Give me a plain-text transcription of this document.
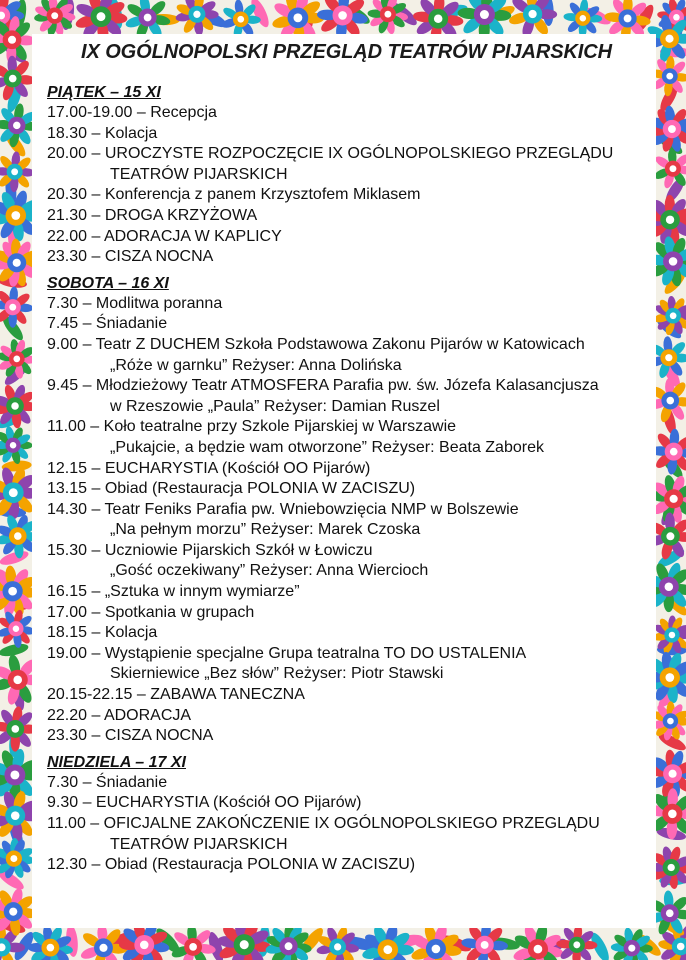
IX OGÓLNOPOLSKI PRZEGLĄD TEATRÓW PIJARSKICH
PIĄTEK – 15 XI
17.00-19.00 – Recepcja
18.30 – Kolacja
20.00 – UROCZYSTE ROZPOCZĘCIE IX OGÓLNOPOLSKIEGO PRZEGLĄDU
TEATRÓW PIJARSKICH
20.30 – Konferencja z panem Krzysztofem Miklasem
21.30 – DROGA KRZYŻOWA
22.00 – ADORACJA W KAPLICY
23.30 – CISZA NOCNA
SOBOTA – 16 XI
7.30 – Modlitwa poranna
7.45 – Śniadanie
9.00 – Teatr Z DUCHEM Szkoła Podstawowa Zakonu Pijarów w Katowicach
„Róże w garnku” Reżyser: Anna Dolińska
9.45 – Młodzieżowy Teatr ATMOSFERA Parafia pw. św. Józefa Kalasancjusza
w Rzeszowie „Paula” Reżyser: Damian Ruszel
11.00 – Koło teatralne przy Szkole Pijarskiej w Warszawie
„Pukajcie, a będzie wam otworzone” Reżyser: Beata Zaborek
12.15 – EUCHARYSTIA (Kościół OO Pijarów)
13.15 – Obiad (Restauracja POLONIA W ZACISZU)
14.30 – Teatr Feniks Parafia pw. Wniebowzięcia NMP w Bolszewie
„Na pełnym morzu” Reżyser: Marek Czoska
15.30 – Uczniowie Pijarskich Szkół w Łowiczu
„Gość oczekiwany” Reżyser: Anna Wiercioch
16.15 – „Sztuka w innym wymiarze”
17.00 – Spotkania w grupach
18.15 – Kolacja
19.00 – Wystąpienie specjalne Grupa teatralna TO DO USTALENIA
Skierniewice „Bez słów” Reżyser: Piotr Stawski
20.15-22.15 – ZABAWA TANECZNA
22.20 – ADORACJA
23.30 – CISZA NOCNA
NIEDZIELA – 17 XI
7.30 – Śniadanie
9.30 – EUCHARYSTIA (Kościół OO Pijarów)
11.00 – OFICJALNE ZAKOŃCZENIE IX OGÓLNOPOLSKIEGO PRZEGLĄDU
TEATRÓW PIJARSKICH
12.30 – Obiad (Restauracja POLONIA W ZACISZU)
